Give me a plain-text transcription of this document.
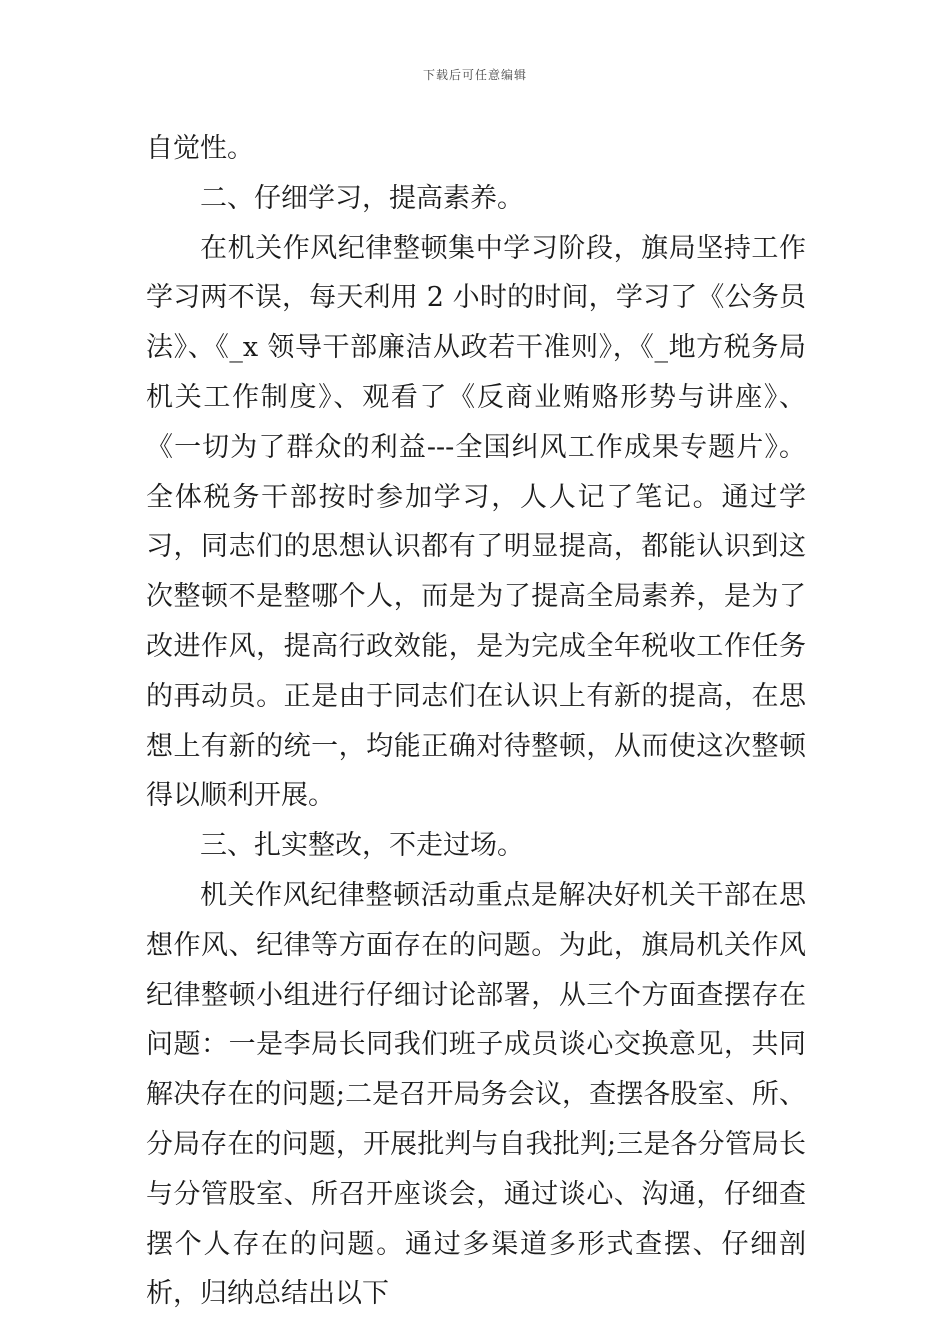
下载后可任意编辑

自觉性。

二、仔细学习，提高素养。

在机关作风纪律整顿集中学习阶段，旗局坚持工作学习两不误，每天利用 2 小时的时间，学习了《公务员法》、《_x 领导干部廉洁从政若干准则》，《_地方税务局机关工作制度》、观看了《反商业贿赂形势与讲座》、《一切为了群众的利益---全国纠风工作成果专题片》。全体税务干部按时参加学习，人人记了笔记。通过学习，同志们的思想认识都有了明显提高，都能认识到这次整顿不是整哪个人，而是为了提高全局素养，是为了改进作风，提高行政效能，是为完成全年税收工作任务的再动员。正是由于同志们在认识上有新的提高，在思想上有新的统一，均能正确对待整顿，从而使这次整顿得以顺利开展。

三、扎实整改，不走过场。

机关作风纪律整顿活动重点是解决好机关干部在思想作风、纪律等方面存在的问题。为此，旗局机关作风纪律整顿小组进行仔细讨论部署，从三个方面查摆存在问题：一是李局长同我们班子成员谈心交换意见，共同解决存在的问题;二是召开局务会议，查摆各股室、所、分局存在的问题，开展批判与自我批判;三是各分管局长与分管股室、所召开座谈会，通过谈心、沟通，仔细查摆个人存在的问题。通过多渠道多形式查摆、仔细剖析，归纳总结出以下
